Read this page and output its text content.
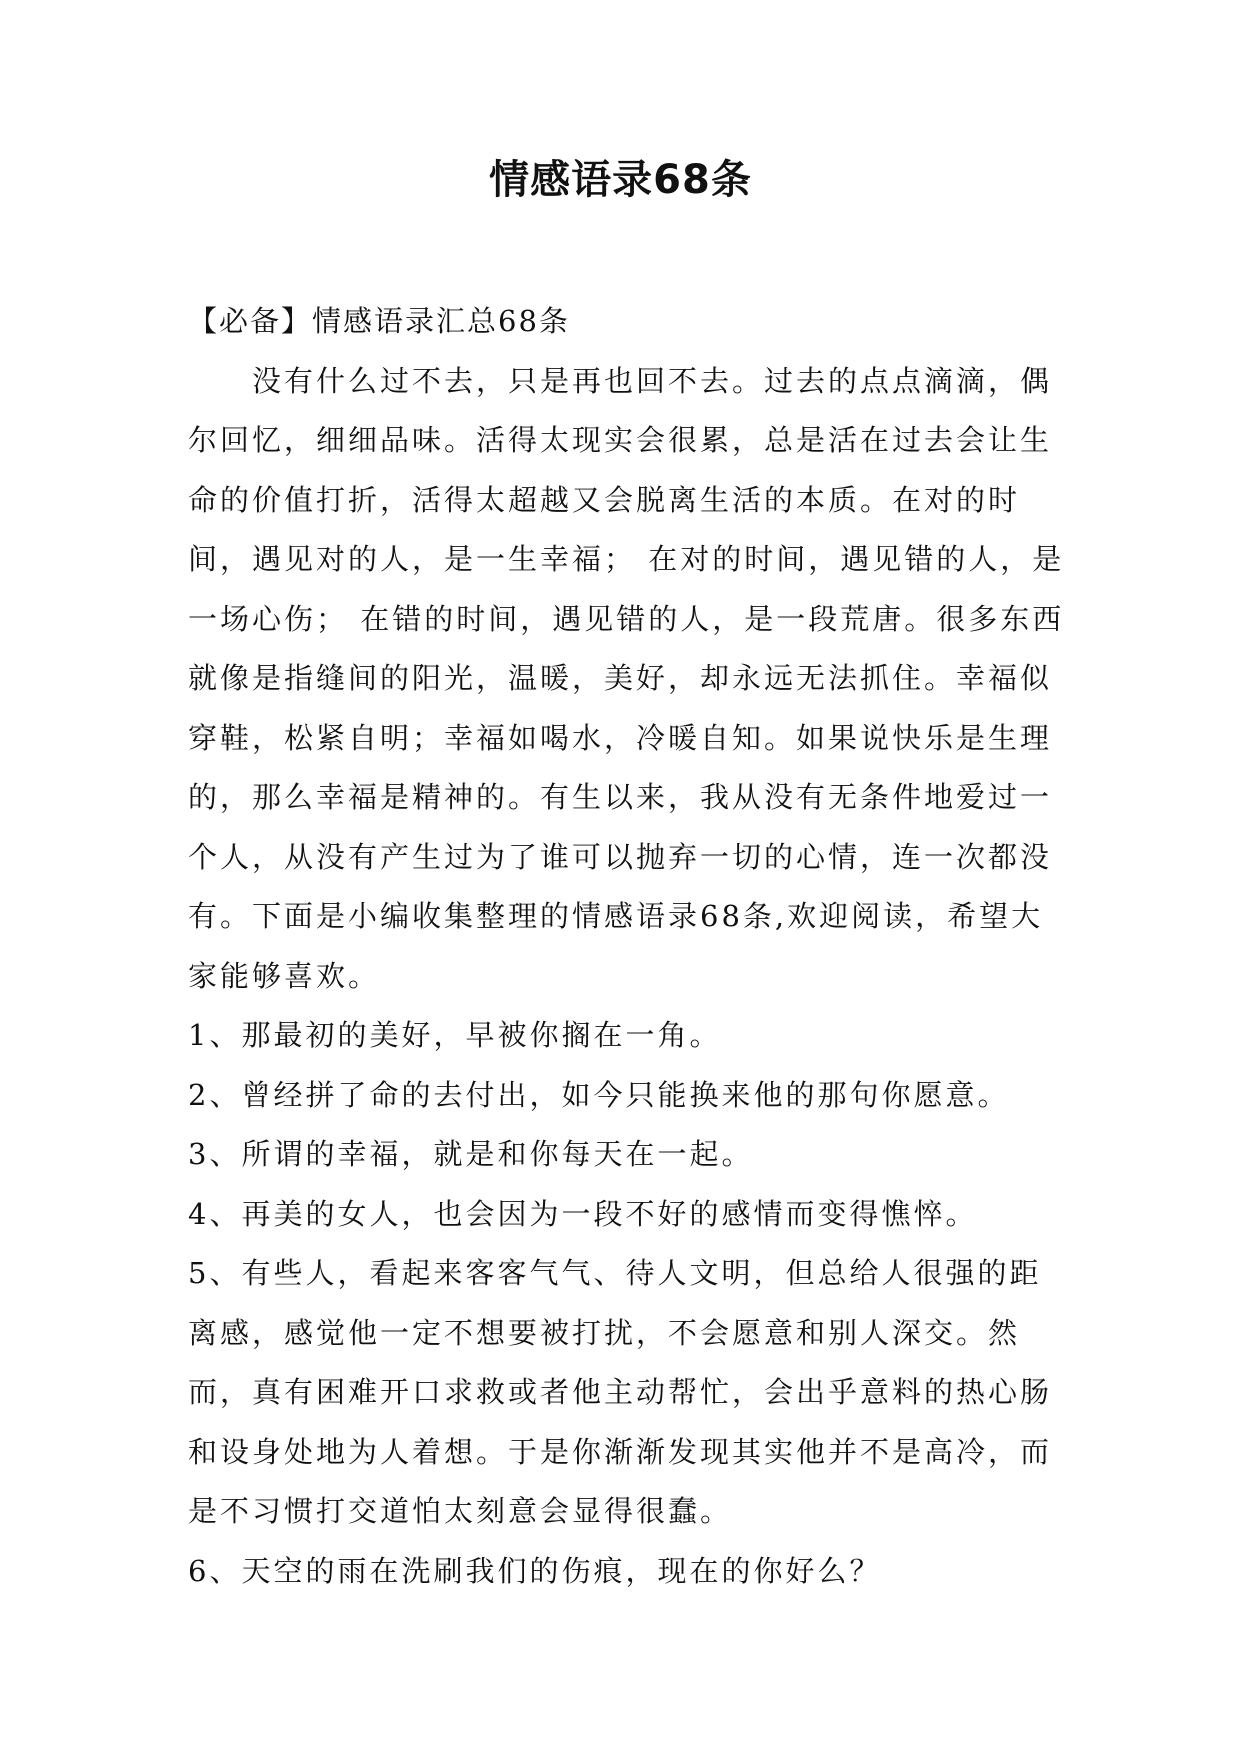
情感语录68条

【必备】情感语录汇总68条

没有什么过不去，只是再也回不去。过去的点点滴滴，偶尔回忆，细细品味。活得太现实会很累，总是活在过去会让生命的价值打折，活得太超越又会脱离生活的本质。在对的时间，遇见对的人，是一生幸福； 在对的时间，遇见错的人，是一场心伤； 在错的时间，遇见错的人，是一段荒唐。很多东西就像是指缝间的阳光，温暖，美好，却永远无法抓住。幸福似穿鞋，松紧自明；幸福如喝水，冷暖自知。如果说快乐是生理的，那么幸福是精神的。有生以来，我从没有无条件地爱过一个人，从没有产生过为了谁可以抛弃一切的心情，连一次都没有。下面是小编收集整理的情感语录68条,欢迎阅读，希望大家能够喜欢。

1、那最初的美好，早被你搁在一角。

2、曾经拼了命的去付出，如今只能换来他的那句你愿意。

3、所谓的幸福，就是和你每天在一起。

4、再美的女人，也会因为一段不好的感情而变得憔悴。

5、有些人，看起来客客气气、待人文明，但总给人很强的距离感，感觉他一定不想要被打扰，不会愿意和别人深交。然而，真有困难开口求救或者他主动帮忙，会出乎意料的热心肠和设身处地为人着想。于是你渐渐发现其实他并不是高冷，而是不习惯打交道怕太刻意会显得很蠢。

6、天空的雨在洗刷我们的伤痕，现在的你好么？
